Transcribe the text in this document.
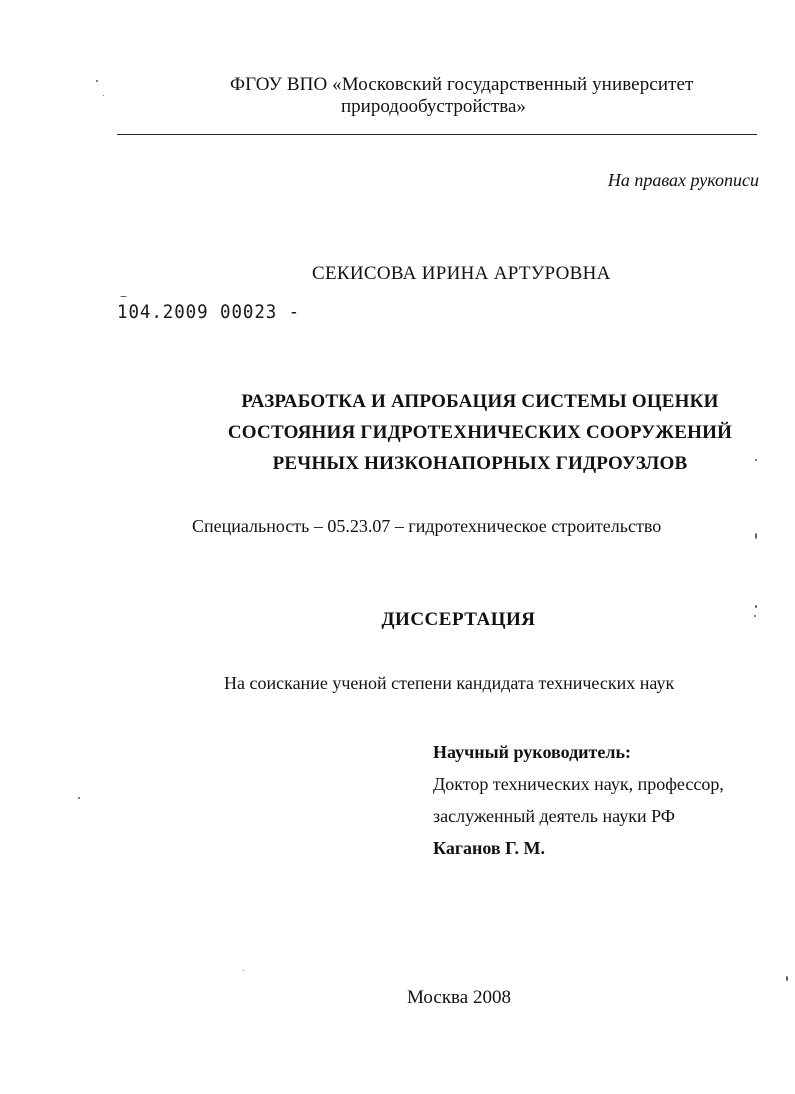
ФГОУ ВПО «Московский государственный университет

природообустройства»

На правах рукописи

СЕКИСОВА ИРИНА АРТУРОВНА

104.2009 00023 -

РАЗРАБОТКА И АПРОБАЦИЯ СИСТЕМЫ ОЦЕНКИ
СОСТОЯНИЯ ГИДРОТЕХНИЧЕСКИХ СООРУЖЕНИЙ
РЕЧНЫХ НИЗКОНАПОРНЫХ ГИДРОУЗЛОВ

Специальность – 05.23.07 – гидротехническое строительство

ДИССЕРТАЦИЯ

На соискание ученой степени кандидата технических наук

Научный руководитель:
Доктор технических наук, профессор,
заслуженный деятель науки РФ
Каганов Г. М.

Москва 2008
